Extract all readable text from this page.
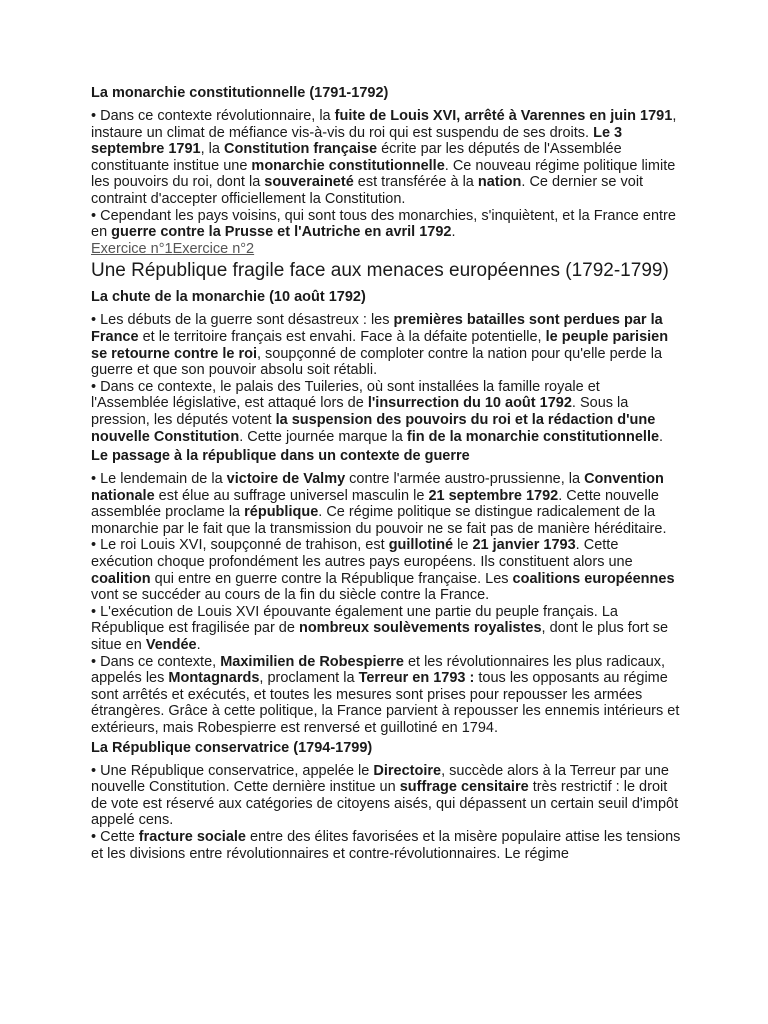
La monarchie constitutionnelle (1791-1792)

• Dans ce contexte révolutionnaire, la fuite de Louis XVI, arrêté à Varennes en juin 1791, instaure un climat de méfiance vis-à-vis du roi qui est suspendu de ses droits. Le 3 septembre 1791, la Constitution française écrite par les députés de l'Assemblée constituante institue une monarchie constitutionnelle. Ce nouveau régime politique limite les pouvoirs du roi, dont la souveraineté est transférée à la nation. Ce dernier se voit contraint d'accepter officiellement la Constitution.

• Cependant les pays voisins, qui sont tous des monarchies, s'inquiètent, et la France entre en guerre contre la Prusse et l'Autriche en avril 1792.

Exercice n°1Exercice n°2
Une République fragile face aux menaces européennes (1792-1799)
La chute de la monarchie (10 août 1792)

• Les débuts de la guerre sont désastreux : les premières batailles sont perdues par la France et le territoire français est envahi. Face à la défaite potentielle, le peuple parisien se retourne contre le roi, soupçonné de comploter contre la nation pour qu'elle perde la guerre et que son pouvoir absolu soit rétabli.

• Dans ce contexte, le palais des Tuileries, où sont installées la famille royale et l'Assemblée législative, est attaqué lors de l'insurrection du 10 août 1792. Sous la pression, les députés votent la suspension des pouvoirs du roi et la rédaction d'une nouvelle Constitution. Cette journée marque la fin de la monarchie constitutionnelle.

Le passage à la république dans un contexte de guerre

• Le lendemain de la victoire de Valmy contre l'armée austro-prussienne, la Convention nationale est élue au suffrage universel masculin le 21 septembre 1792. Cette nouvelle assemblée proclame la république. Ce régime politique se distingue radicalement de la monarchie par le fait que la transmission du pouvoir ne se fait pas de manière héréditaire.

• Le roi Louis XVI, soupçonné de trahison, est guillotiné le 21 janvier 1793. Cette exécution choque profondément les autres pays européens. Ils constituent alors une coalition qui entre en guerre contre la République française. Les coalitions européennes vont se succéder au cours de la fin du siècle contre la France.

• L'exécution de Louis XVI épouvante également une partie du peuple français. La République est fragilisée par de nombreux soulèvements royalistes, dont le plus fort se situe en Vendée.

• Dans ce contexte, Maximilien de Robespierre et les révolutionnaires les plus radicaux, appelés les Montagnards, proclament la Terreur en 1793 : tous les opposants au régime sont arrêtés et exécutés, et toutes les mesures sont prises pour repousser les armées étrangères. Grâce à cette politique, la France parvient à repousser les ennemis intérieurs et extérieurs, mais Robespierre est renversé et guillotiné en 1794.

La République conservatrice (1794-1799)

• Une République conservatrice, appelée le Directoire, succède alors à la Terreur par une nouvelle Constitution. Cette dernière institue un suffrage censitaire très restrictif : le droit de vote est réservé aux catégories de citoyens aisés, qui dépassent un certain seuil d'impôt appelé cens.

• Cette fracture sociale entre des élites favorisées et la misère populaire attise les tensions et les divisions entre révolutionnaires et contre-révolutionnaires. Le régime
